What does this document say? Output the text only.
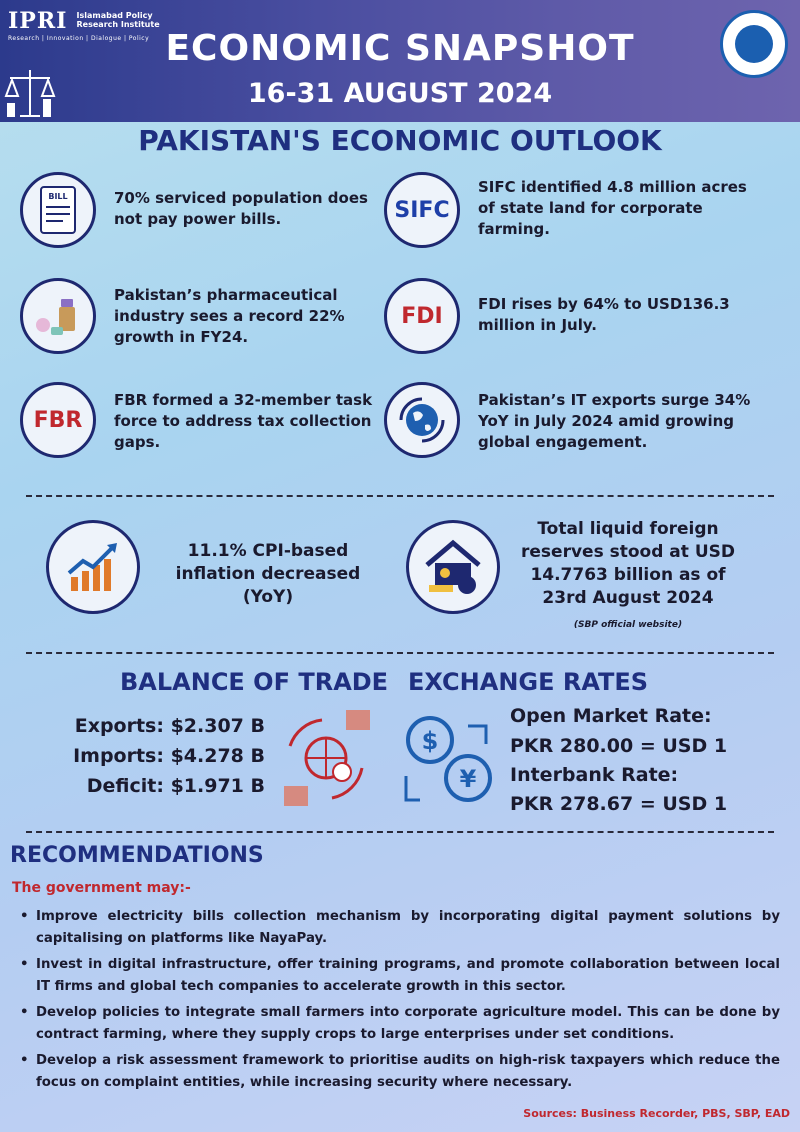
IPRI Islamabad Policy
Research Institute
Research | Innovation | Dialogue | Policy ECONOMIC SNAPSHOT
16-31 AUGUST 2024
PAKISTAN'S ECONOMIC OUTLOOK
BILL	70% serviced population does not pay power bills.	SIFC
SIFC identified 4.8 million acres of state land for corporate farming.
Pakistan’s pharmaceutical industry sees a record 22% growth in FY24.
FDI	FDI rises by 64% to USD136.3 million in July.
FBR
FBR formed a 32-member task force to address tax collection gaps.
Pakistan’s IT exports surge 34% YoY in July 2024 amid growing global engagement.
11.1% CPI-based inflation decreased (YoY)
Total liquid foreign reserves stood at USD 14.7763 billion as of 23rd August 2024
(SBP official website)
BALANCE OF TRADE
Exports: $2.307 B
Imports: $4.278 B
Deficit: $1.971 B
EXCHANGE RATES
$
¥
Open Market Rate:
PKR 280.00 = USD 1
Interbank Rate:
PKR 278.67 = USD 1
RECOMMENDATIONS
The government may:-
• Improve electricity bills collection mechanism by incorporating digital payment solutions by capitalising on platforms like NayaPay.
• Invest in digital infrastructure, offer training programs, and promote collaboration between local IT firms and global tech companies to accelerate growth in this sector.
• Develop policies to integrate small farmers into corporate agriculture model. This can be done by contract farming, where they supply crops to large enterprises under set conditions.
• Develop a risk assessment framework to prioritise audits on high-risk taxpayers which reduce the focus on complaint entities, while increasing security where necessary.
Sources: Business Recorder, PBS, SBP, EAD
